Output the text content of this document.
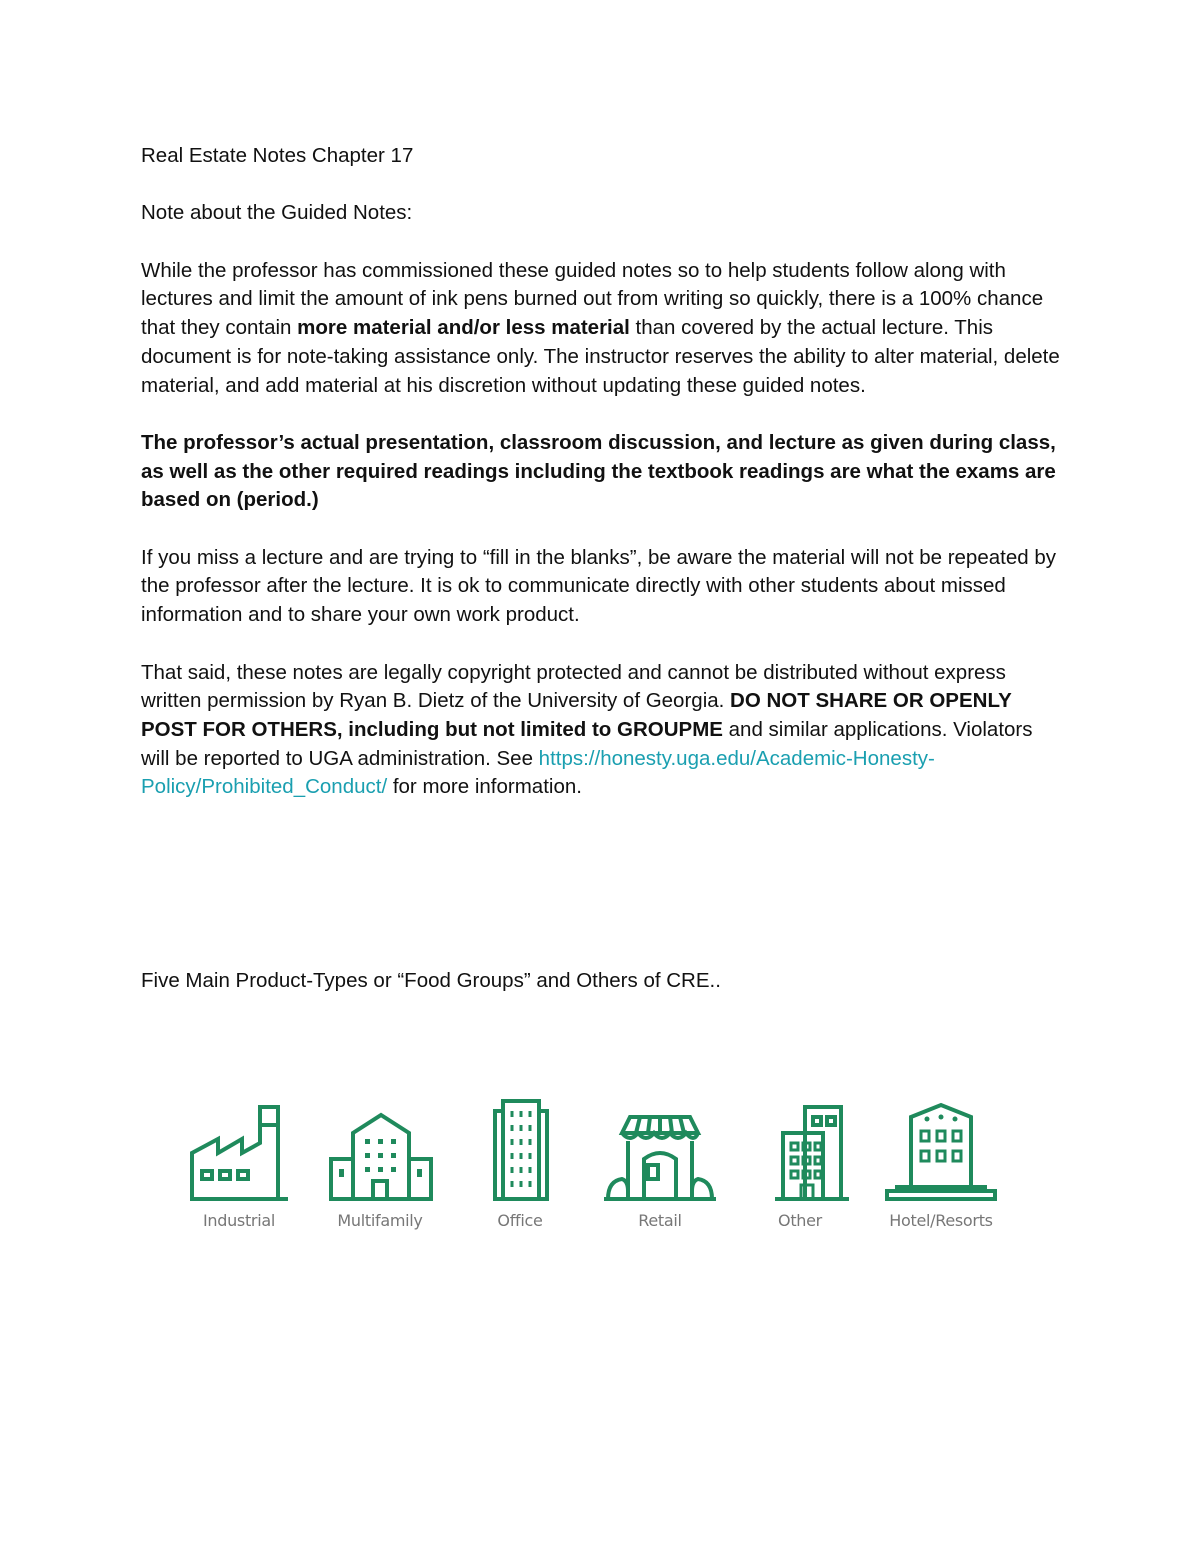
Real Estate Notes Chapter 17

Note about the Guided Notes:

While the professor has commissioned these guided notes so to help students follow along with lectures and limit the amount of ink pens burned out from writing so quickly, there is a 100% chance that they contain more material and/or less material than covered by the actual lecture. This document is for note-taking assistance only. The instructor reserves the ability to alter material, delete material, and add material at his discretion without updating these guided notes.

The professor’s actual presentation, classroom discussion, and lecture as given during class, as well as the other required readings including the textbook readings are what the exams are based on (period.)

If you miss a lecture and are trying to “fill in the blanks”, be aware the material will not be repeated by the professor after the lecture. It is ok to communicate directly with other students about missed information and to share your own work product.

That said, these notes are legally copyright protected and cannot be distributed without express written permission by Ryan B. Dietz of the University of Georgia. DO NOT SHARE OR OPENLY POST FOR OTHERS, including but not limited to GROUPME and similar applications. Violators will be reported to UGA administration. See https://honesty.uga.edu/Academic-Honesty-Policy/Prohibited_Conduct/ for more information.

Five Main Product-Types or “Food Groups” and Others of CRE..

Industrial	Multifamily	Office	Retail	Other	Hotel/Resorts
